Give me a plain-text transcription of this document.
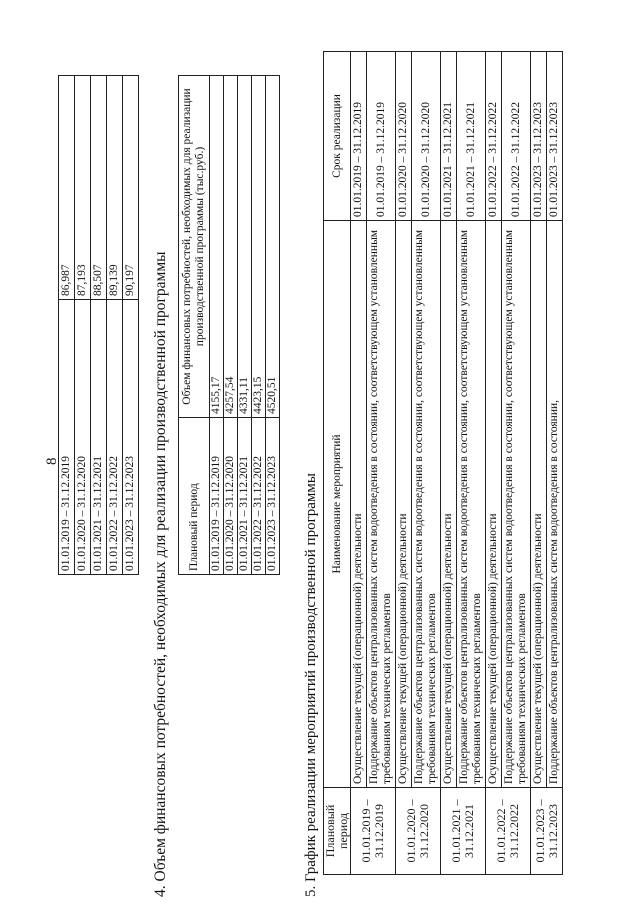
8 01.01.2019 – 31.12.2019	86,987
01.01.2020 – 31.12.2020	87,193
01.01.2021 – 31.12.2021	88,507
01.01.2022 – 31.12.2022	89,139
01.01.2023 – 31.12.2023	90,197 4. Объем финансовых потребностей, необходимых для реализации производственной программы Плановый период	Объем финансовых потребностей, необходимых для реализации производственной программы (тыс.руб.)
01.01.2019 – 31.12.2019	4155,17
01.01.2020 – 31.12.2020	4257,54
01.01.2021 – 31.12.2021	4331,11
01.01.2022 – 31.12.2022	4423,15
01.01.2023 – 31.12.2023	4520,51
5. График реализации мероприятий производственной программы Плановый период	Наименование мероприятий	Срок реализации
01.01.2019 – 31.12.2019	Осуществление текущей (операционной) деятельности	01.01.2019 – 31.12.2019
	Поддержание объектов централизованных систем водоотведения в состоянии, соответствующем установленным требованиям технических регламентов	01.01.2019 – 31.12.2019
01.01.2020 – 31.12.2020	Осуществление текущей (операционной) деятельности	01.01.2020 – 31.12.2020
	Поддержание объектов централизованных систем водоотведения в состоянии, соответствующем установленным требованиям технических регламентов	01.01.2020 – 31.12.2020
01.01.2021 – 31.12.2021	Осуществление текущей (операционной) деятельности	01.01.2021 – 31.12.2021
	Поддержание объектов централизованных систем водоотведения в состоянии, соответствующем установленным требованиям технических регламентов	01.01.2021 – 31.12.2021
01.01.2022 – 31.12.2022	Осуществление текущей (операционной) деятельности	01.01.2022 – 31.12.2022
	Поддержание объектов централизованных систем водоотведения в состоянии, соответствующем установленным требованиям технических регламентов	01.01.2022 – 31.12.2022
01.01.2023 – 31.12.2023	Осуществление текущей (операционной) деятельности	01.01.2023 – 31.12.2023
	Поддержание объектов централизованных систем водоотведения в состоянии,	01.01.2023 – 31.12.2023
